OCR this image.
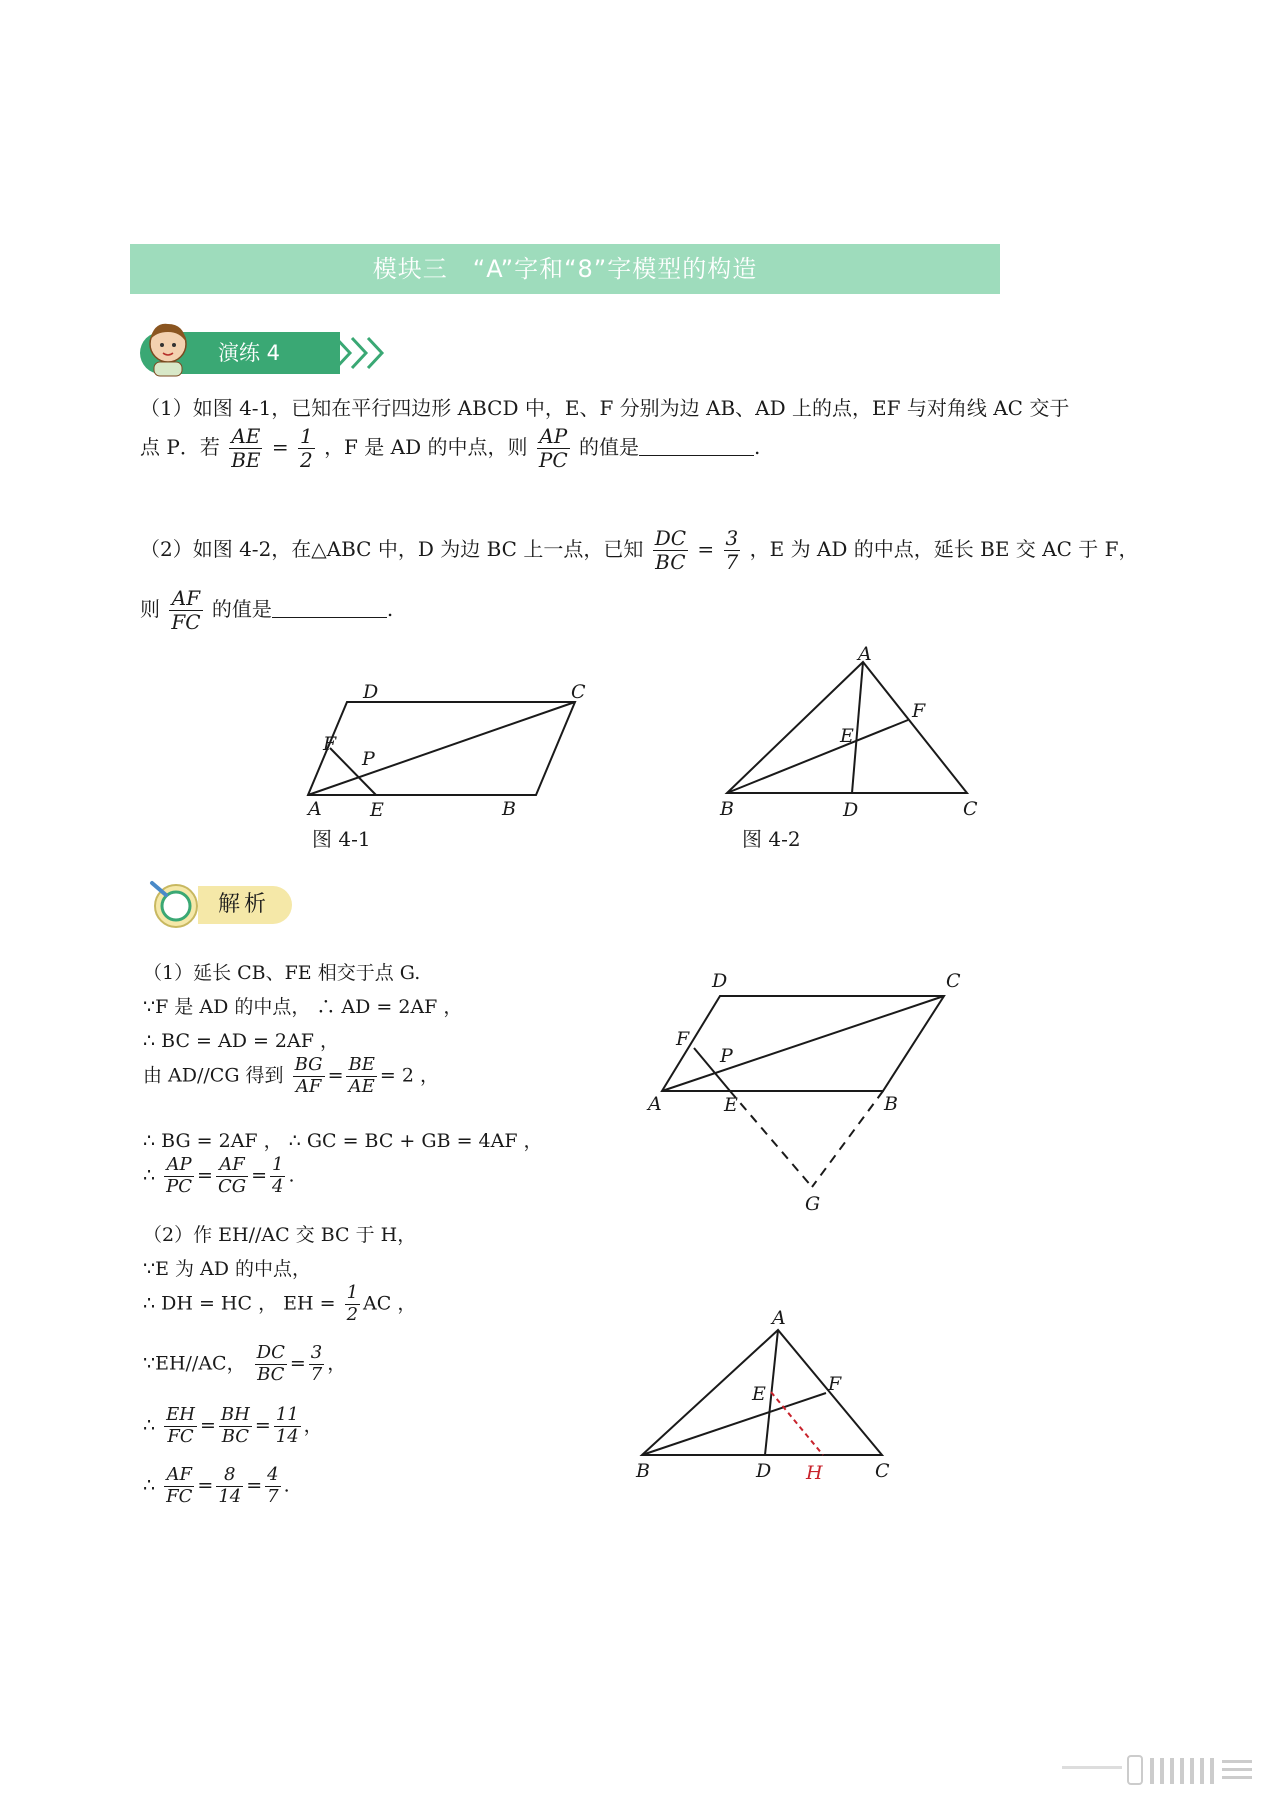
模块三　“A”字和“8”字模型的构造
演练 4
（1）如图 4-1，已知在平行四边形 ABCD 中，E、F 分别为边 AB、AD 上的点，EF 与对角线 AC 交于
点 P．若 $\frac{AE}{BE} = \frac{1}{2}$ ，F 是 AD 的中点，则 $\frac{AP}{PC}$ 的值是	.
（2）如图 4-2，在△ABC 中，D 为边 BC 上一点，已知 $\frac{DC}{BC} = \frac{3}{7}$ ，E 为 AD 的中点，延长 BE 交 AC 于 F，
则 $\frac{AF}{FC}$ 的值是	.
D	C
F
P
A	E	B
图 4-1
A
F
E
B	D	C
图 4-2
解析
（1）延长 CB、FE 相交于点 G.
∵F 是 AD 的中点， ∴ AD = 2AF ，
∴ BC = AD = 2AF ，
由 AD//CG 得到 $\frac{BG}{AF} = \frac{BE}{AE} = 2$ ，
∴ BG = 2AF ， ∴ GC = BC + GB = 4AF ，
∴ $\frac{AP}{PC} = \frac{AF}{CG} = \frac{1}{4}$ .
（2）作 EH//AC 交 BC 于 H，
∵E 为 AD 的中点，
∴ DH = HC ， EH = $\frac{1}{2}$ AC ，
∵EH//AC， $\frac{DC}{BC} = \frac{3}{7}$ ，
∴ $\frac{EH}{FC} = \frac{BH}{BC} = \frac{11}{14}$ ，
∴ $\frac{AF}{FC} = \frac{8}{14} = \frac{4}{7}$ .
D	C
F
P
A	E	B
G
A
F
E
B	D H	C
